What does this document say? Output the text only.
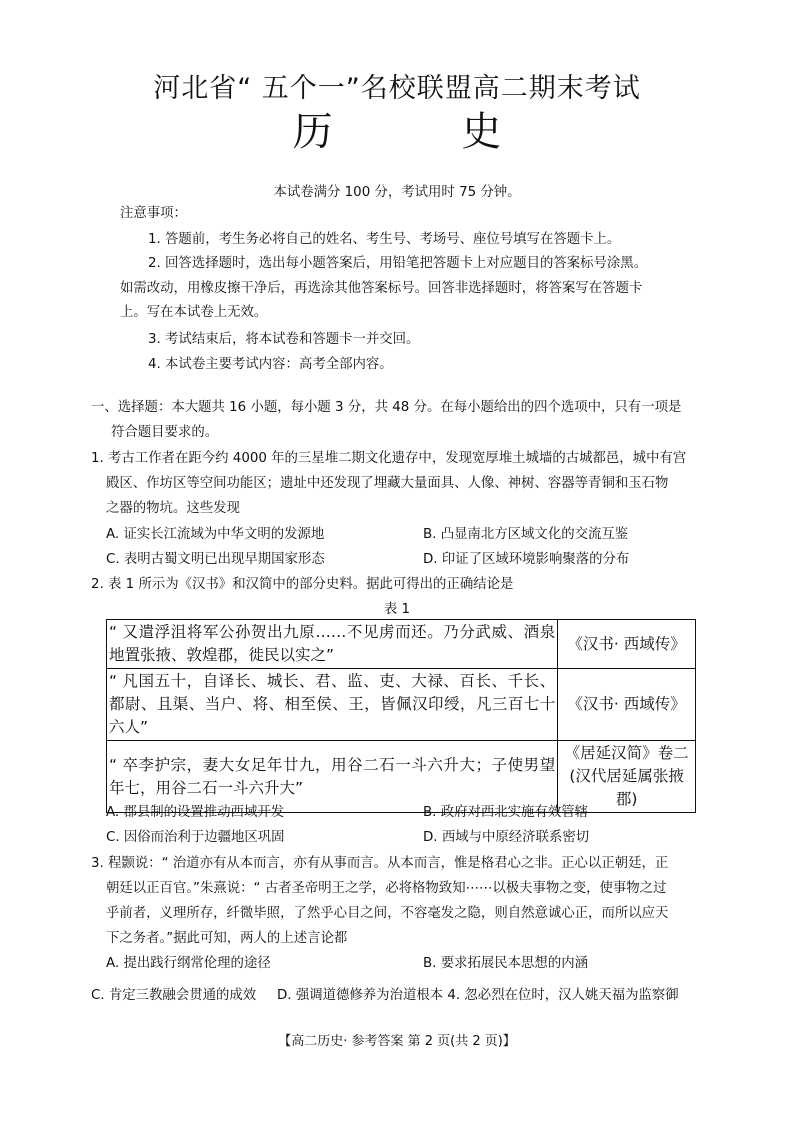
河北省“ 五个一”名校联盟高二期末考试
历 史
本试卷满分 100 分，考试用时 75 分钟。
注意事项：
1. 答题前，考生务必将自己的姓名、考生号、考场号、座位号填写在答题卡上。
2. 回答选择题时，选出每小题答案后，用铅笔把答题卡上对应题目的答案标号涂黑。
如需改动，用橡皮擦干净后，再选涂其他答案标号。回答非选择题时，将答案写在答题卡
上。写在本试卷上无效。
3. 考试结束后，将本试卷和答题卡一并交回。
4. 本试卷主要考试内容：高考全部内容。
一、选择题：本大题共 16 小题，每小题 3 分，共 48 分。在每小题给出的四个选项中，只有一项是
符合题目要求的。
1. 考古工作者在距今约 4000 年的三星堆二期文化遗存中，发现宽厚堆土城墙的古城都邑，城中有宫
殿区、作坊区等空间功能区；遗址中还发现了埋藏大量面具、人像、神树、容器等青铜和玉石物
之器的物坑。这些发现
A. 证实长江流域为中华文明的发源地	B. 凸显南北方区域文化的交流互鉴
C. 表明古蜀文明已出现早期国家形态	D. 印证了区域环境影响聚落的分布
2. 表 1 所示为《汉书》和汉简中的部分史料。据此可得出的正确结论是
表 1
“ 又遣浮沮将军公孙贺出九原……不见虏而还。乃分武威、酒泉地置张掖、敦煌郡，徙民以实之”	《汉书· 西域传》
“ 凡国五十，自译长、城长、君、监、吏、大禄、百长、千长、都尉、且渠、当户、将、相至侯、王，皆佩汉印绶，凡三百七十六人”	《汉书· 西域传》
“ 卒李护宗，妻大女足年廿九，用谷二石一斗六升大；子使男望年七，用谷二石一斗六升大”	《居延汉简》卷二(汉代居延属张掖郡)
A. 郡县制的设置推动西域开发	B. 政府对西北实施有效管辖
C. 因俗而治利于边疆地区巩固	D. 西域与中原经济联系密切
3. 程颢说：“ 治道亦有从本而言，亦有从事而言。从本而言，惟是格君心之非。正心以正朝廷，正
朝廷以正百官。”朱熹说：“ 古者圣帝明王之学，必将格物致知⋯⋯以极夫事物之变，使事物之过
乎前者，义理所存，纤微毕照，了然乎心目之间，不容毫发之隐，则自然意诚心正，而所以应天
下之务者。”据此可知，两人的上述言论都
A. 提出践行纲常伦理的途径	B. 要求拓展民本思想的内涵
C. 肯定三教融会贯通的成效 D. 强调道德修养为治道根本 4. 忽必烈在位时，汉人姚天福为监察御
【高二历史· 参考答案 第 2 页(共 2 页)】
